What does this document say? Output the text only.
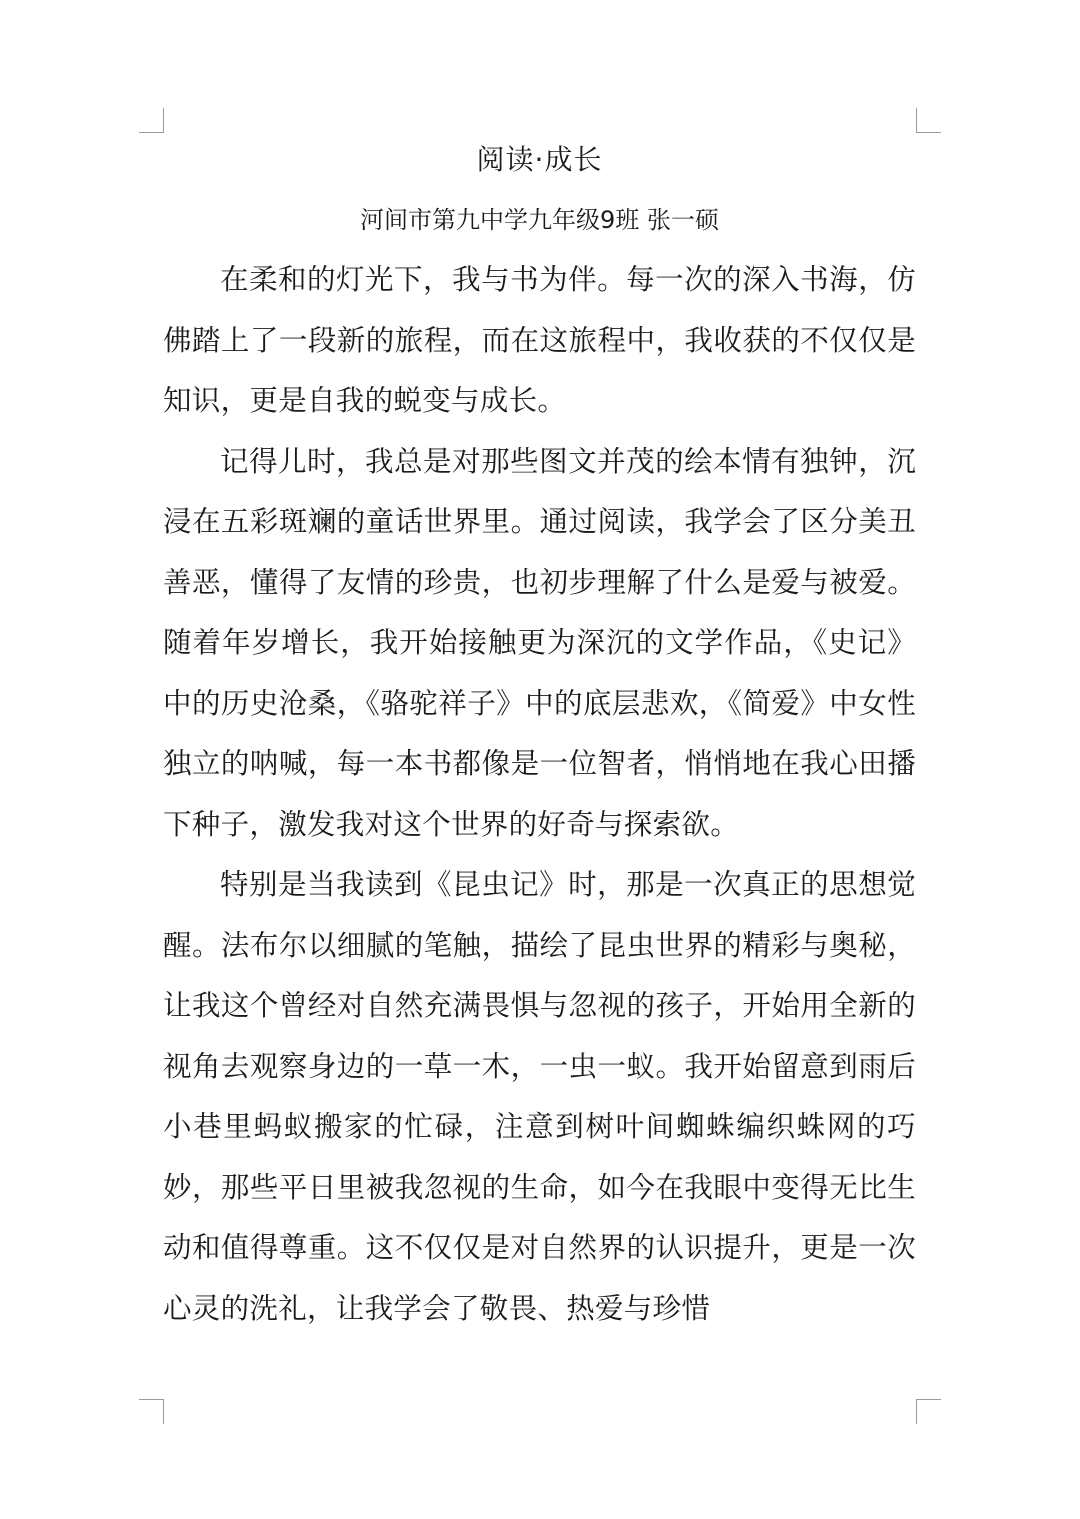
阅读·成长
河间市第九中学九年级9班 张一硕

在柔和的灯光下，我与书为伴。每一次的深入书海，仿佛踏上了一段新的旅程，而在这旅程中，我收获的不仅仅是知识，更是自我的蜕变与成长。

记得儿时，我总是对那些图文并茂的绘本情有独钟，沉浸在五彩斑斓的童话世界里。通过阅读，我学会了区分美丑善恶，懂得了友情的珍贵，也初步理解了什么是爱与被爱。随着年岁增长，我开始接触更为深沉的文学作品，《史记》中的历史沧桑，《骆驼祥子》中的底层悲欢，《简爱》中女性独立的呐喊，每一本书都像是一位智者，悄悄地在我心田播下种子，激发我对这个世界的好奇与探索欲。

特别是当我读到《昆虫记》时，那是一次真正的思想觉醒。法布尔以细腻的笔触，描绘了昆虫世界的精彩与奥秘，让我这个曾经对自然充满畏惧与忽视的孩子，开始用全新的视角去观察身边的一草一木，一虫一蚁。我开始留意到雨后小巷里蚂蚁搬家的忙碌，注意到树叶间蜘蛛编织蛛网的巧妙，那些平日里被我忽视的生命，如今在我眼中变得无比生动和值得尊重。这不仅仅是对自然界的认识提升，更是一次心灵的洗礼，让我学会了敬畏、热爱与珍惜
